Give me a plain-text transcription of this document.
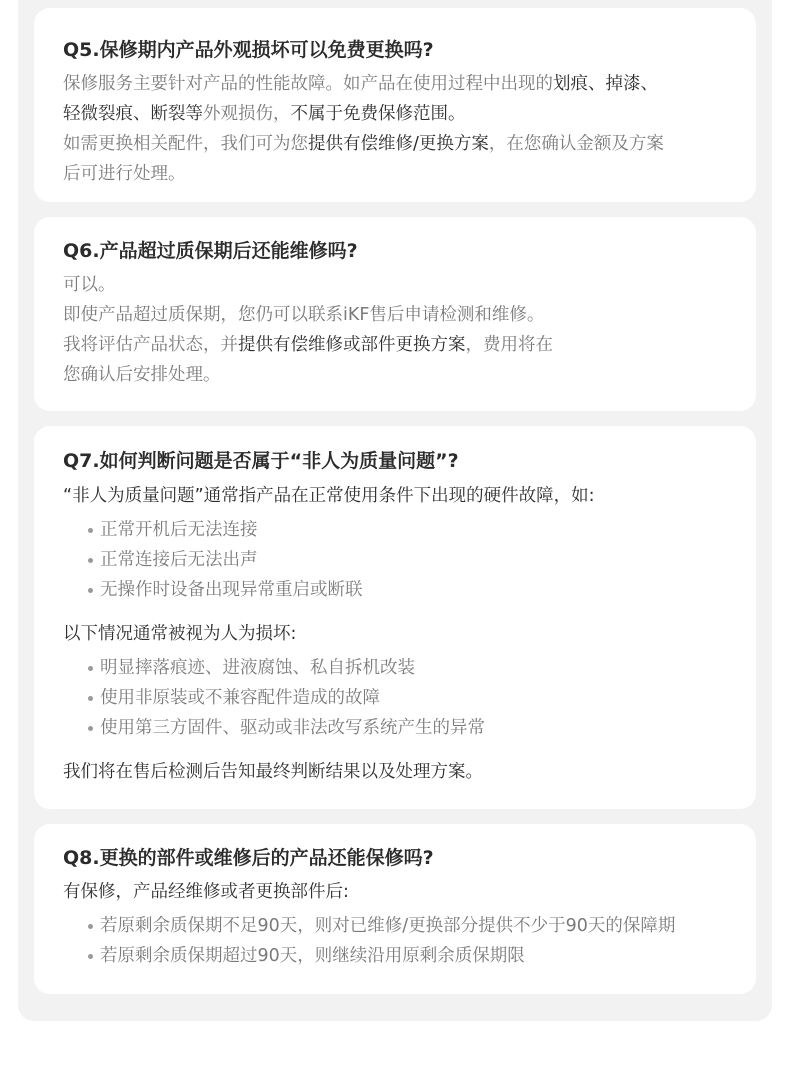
Q5.保修期内产品外观损坏可以免费更换吗?

保修服务主要针对产品的性能故障。如产品在使用过程中出现的划痕、掉漆、

轻微裂痕、断裂等外观损伤，不属于免费保修范围。

如需更换相关配件，我们可为您提供有偿维修/更换方案，在您确认金额及方案

后可进行处理。

Q6.产品超过质保期后还能维修吗?

可以。

即使产品超过质保期，您仍可以联系iKF售后申请检测和维修。

我将评估产品状态，并提供有偿维修或部件更换方案，费用将在

您确认后安排处理。

Q7.如何判断问题是否属于“非人为质量问题”?

“非人为质量问题”通常指产品在正常使用条件下出现的硬件故障，如:

正常开机后无法连接
正常连接后无法出声
无操作时设备出现异常重启或断联

以下情况通常被视为人为损坏:

明显摔落痕迹、进液腐蚀、私自拆机改装
使用非原装或不兼容配件造成的故障
使用第三方固件、驱动或非法改写系统产生的异常

我们将在售后检测后告知最终判断结果以及处理方案。

Q8.更换的部件或维修后的产品还能保修吗?

有保修，产品经维修或者更换部件后:

若原剩余质保期不足90天，则对已维修/更换部分提供不少于90天的保障期
若原剩余质保期超过90天，则继续沿用原剩余质保期限
